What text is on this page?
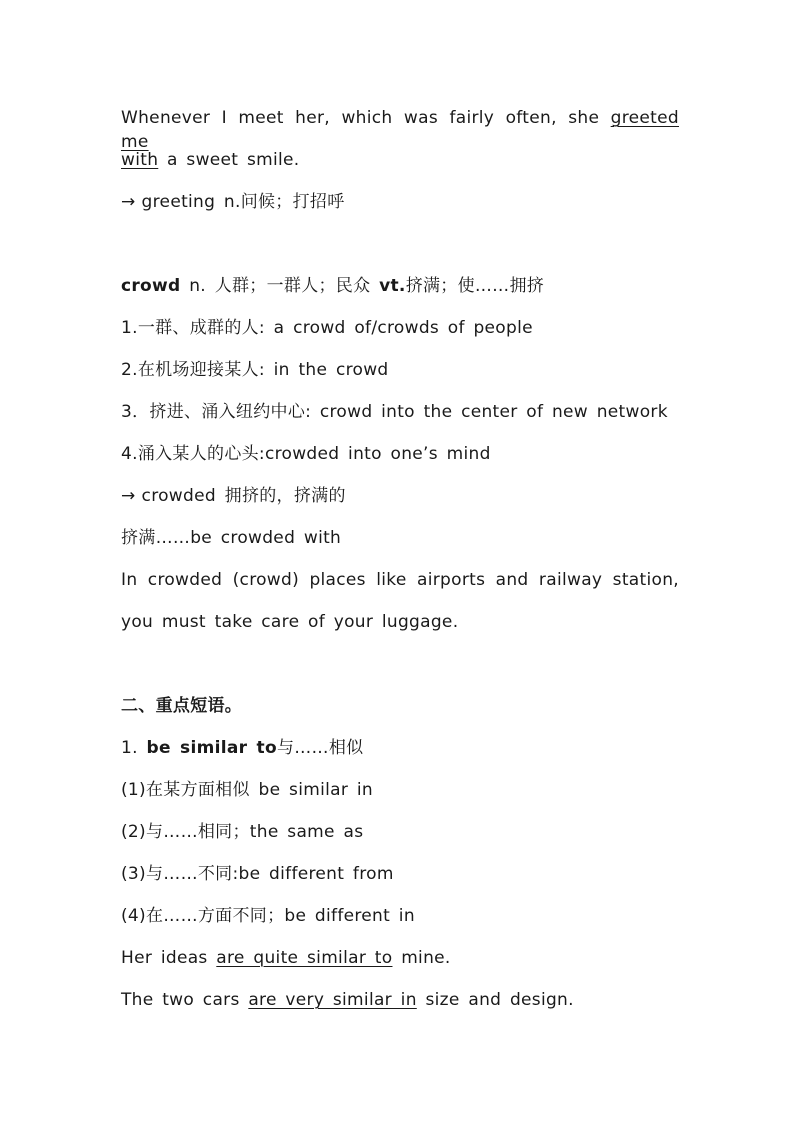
Whenever I meet her, which was fairly often, she greeted me
with a sweet smile.
→ greeting n.问候；打招呼
crowd n. 人群；一群人；民众 vt.挤满；使……拥挤
1.一群、成群的人: a crowd of/crowds of people
2.在机场迎接某人: in the crowd
3．挤进、涌入纽约中心: crowd into the center of new network
4.涌入某人的心头:crowded into one’s mind
→ crowded 拥挤的，挤满的
挤满……be crowded with
In crowded (crowd) places like airports and railway station,
you must take care of your luggage.
二、重点短语。
1. be similar to与……相似
(1)在某方面相似 be similar in
(2)与……相同；the same as
(3)与……不同:be different from
(4)在……方面不同；be different in
Her ideas are quite similar to mine.
The two cars are very similar in size and design.
